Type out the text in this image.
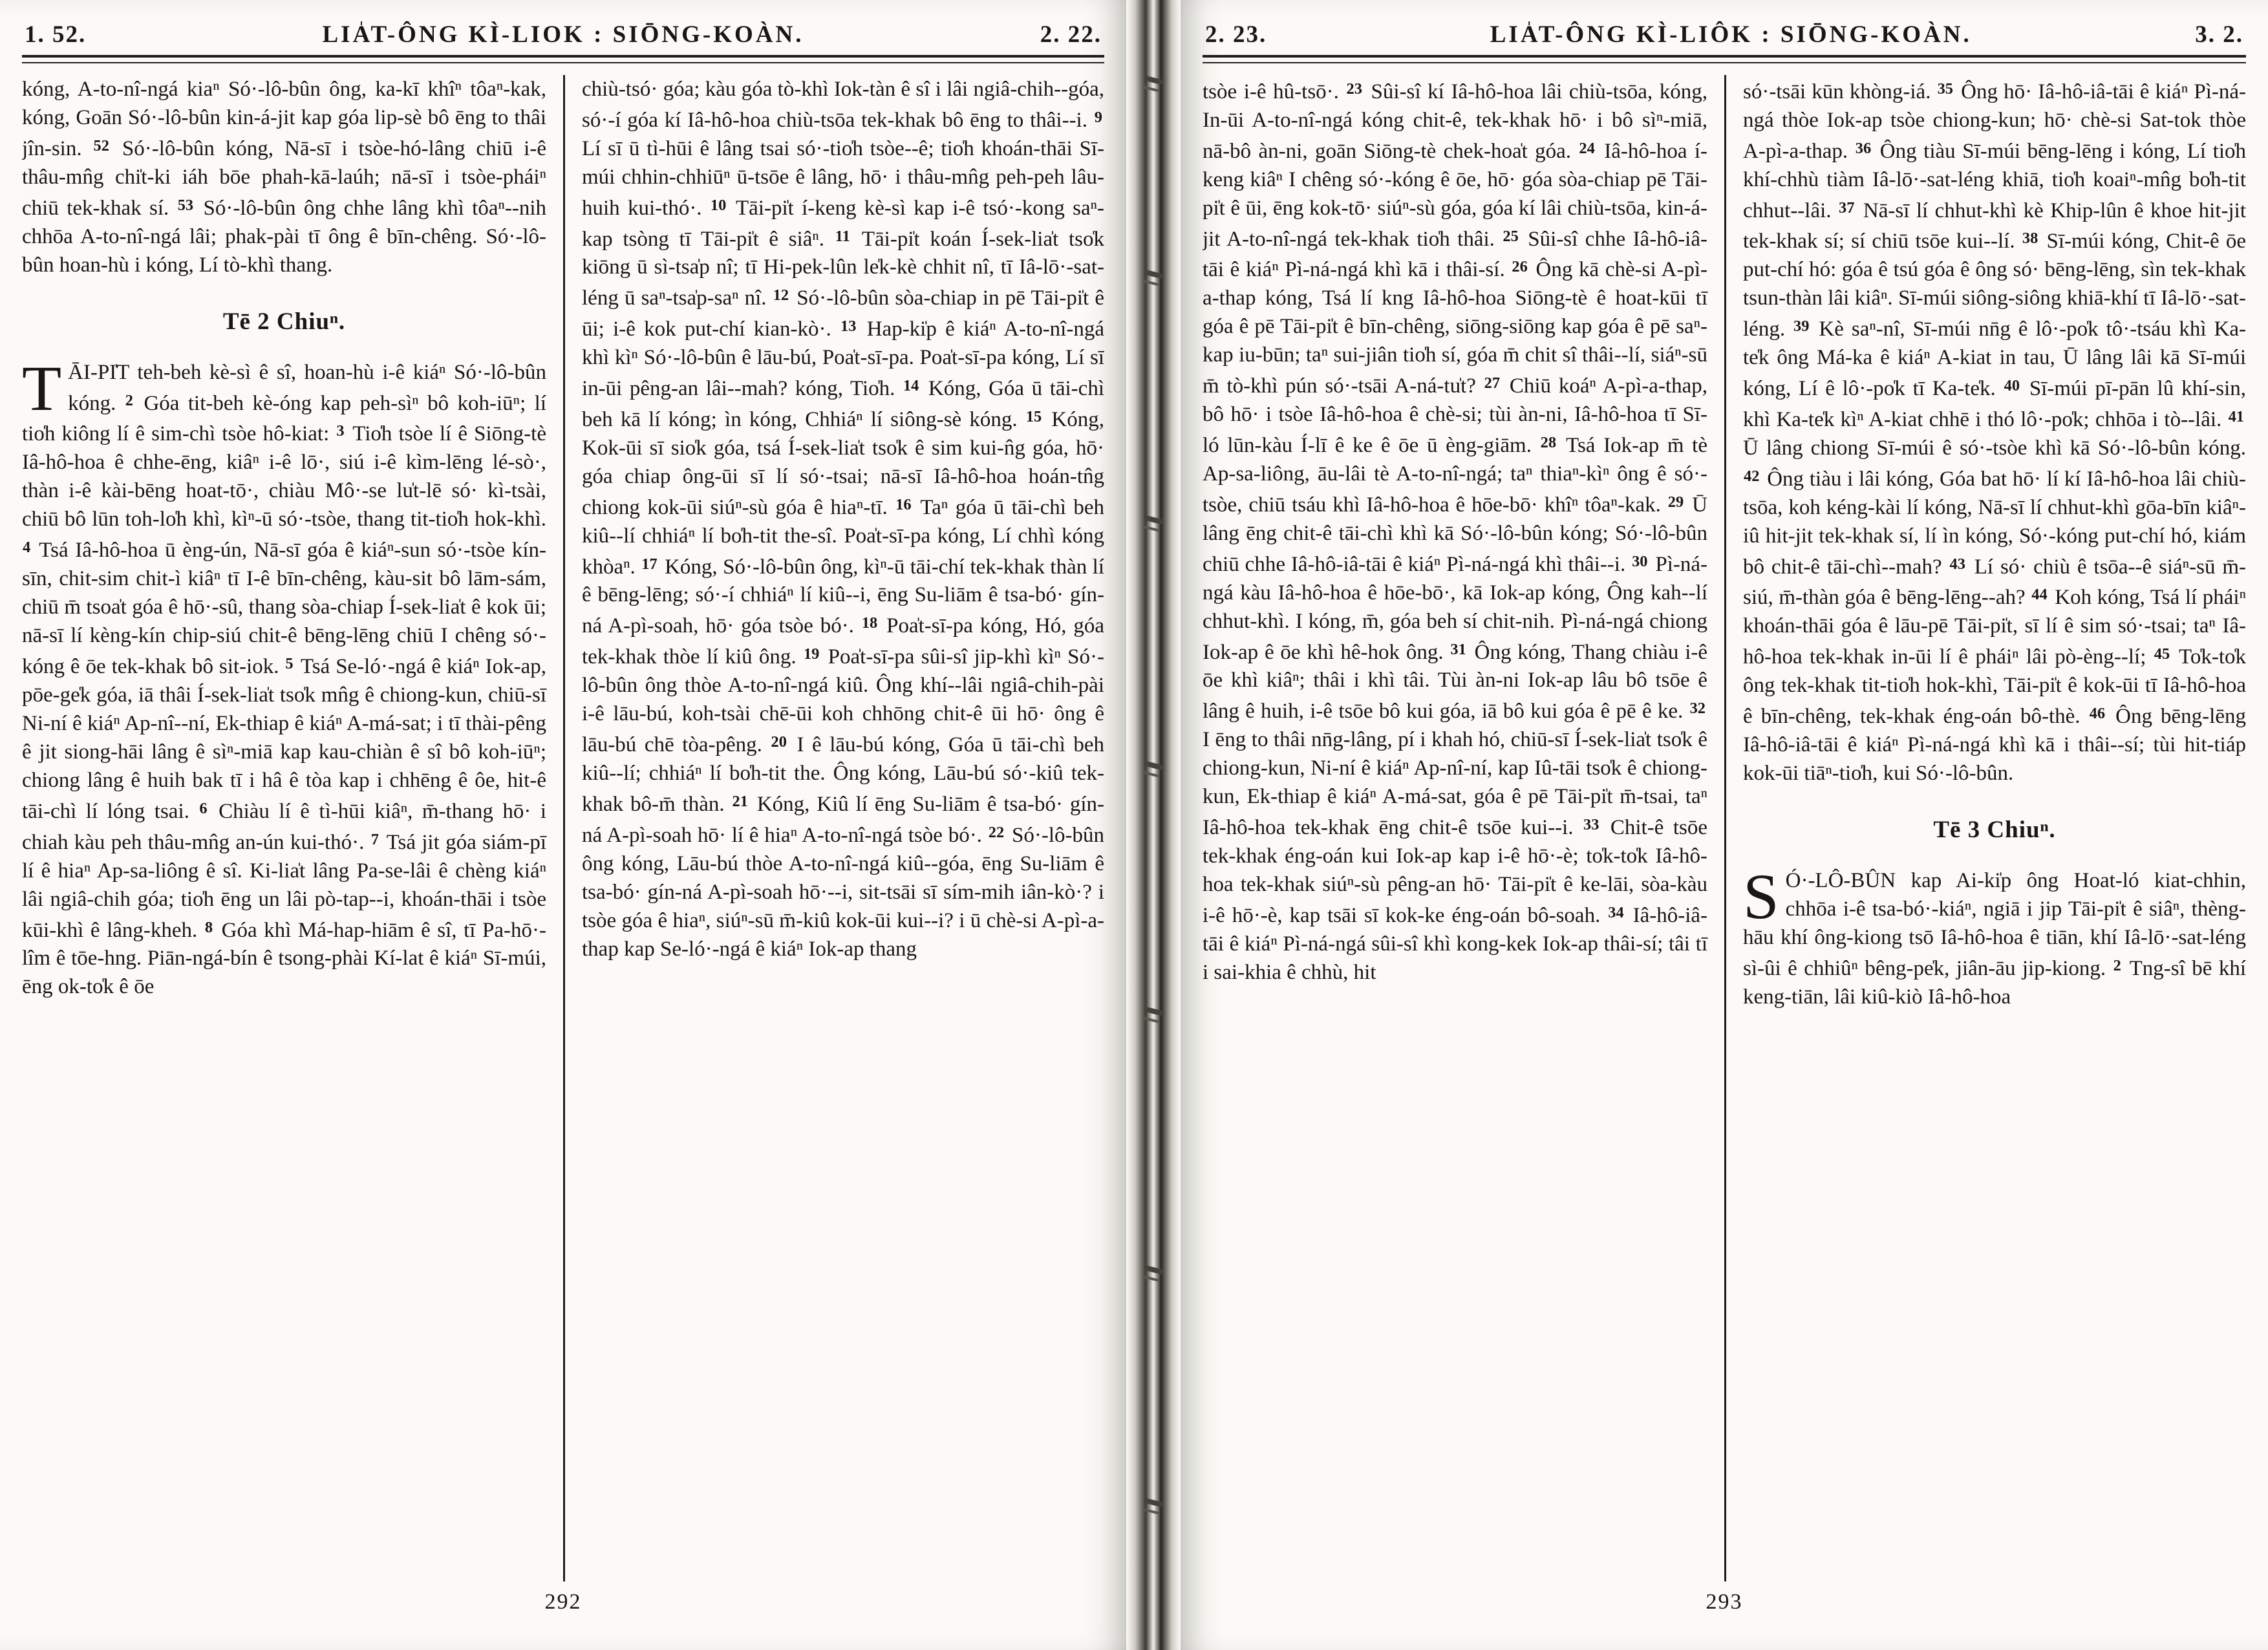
1. 52.	LIA̍T-ÔNG KÌ-LIOK : SIŌNG-KOÀN.	2. 22.

kóng, A-to-nî-ngá kiaⁿ Só·-lô-bûn ông, ka-kī khîⁿ tôaⁿ-kak, kóng, Goān Só·-lô-bûn kin-á-jit kap góa lip-sè bô ēng to thâi jîn-sin. $^{52}$ Só·-lô-bûn kóng, Nā-sī i tsòe-hó-lâng chiū i-ê thâu-mn̂g chi̍t-ki iáh bōe phah-kā-laúh; nā-sī i tsòe-pháiⁿ chiū tek-khak sí. $^{53}$ Só·-lô-bûn ông chhe lâng khì tôaⁿ--nih chhōa A-to-nî-ngá lâi; phak-pài tī ông ê bīn-chêng. Só·-lô-bûn hoan-hù i kóng, Lí tò-khì thang.

Tē 2 Chiuⁿ.

TĀI-PI̍T teh-beh kè-sì ê sî, hoan-hù i-ê kiáⁿ Só·-lô-bûn kóng. $^2$ Góa tit-beh kè-óng kap peh-sìⁿ bô koh-iūⁿ; lí tio̍h kiông lí ê sim-chì tsòe hô-kiat: $^3$ Tio̍h tsòe lí ê Siōng-tè Iâ-hô-hoa ê chhe-ēng, kiâⁿ i-ê lō·, siú i-ê kìm-lēng lé-sò·, thàn i-ê kài-bēng hoat-tō·, chiàu Mô·-se lu̍t-lē só· kì-tsài, chiū bô lūn toh-lo̍h khì, kìⁿ-ū só·-tsòe, thang tit-tio̍h hok-khì. $^4$ Tsá Iâ-hô-hoa ū èng-ún, Nā-sī góa ê kiáⁿ-sun só·-tsòe kín-sīn, chit-sim chit-ì kiâⁿ tī I-ê bīn-chêng, kàu-sit bô lām-sám, chiū m̄ tsoa̍t góa ê hō·-sû, thang sòa-chiap Í-sek-lia̍t ê kok ūi; nā-sī lí kèng-kín chip-siú chit-ê bēng-lēng chiū I chêng só·-kóng ê ōe tek-khak bô sit-iok. $^5$ Tsá Se-ló·-ngá ê kiáⁿ Iok-ap, pōe-ge̍k góa, iā thâi Í-sek-lia̍t tso̍k mn̂g ê chiong-kun, chiū-sī Ni-ní ê kiáⁿ Ap-nî--ní, Ek-thiap ê kiáⁿ A-má-sat; i tī thài-pêng ê jit siong-hāi lâng ê sìⁿ-miā kap kau-chiàn ê sî bô koh-iūⁿ; chiong lâng ê huih bak tī i hâ ê tòa kap i chhēng ê ôe, hit-ê tāi-chì lí lóng tsai. $^6$ Chiàu lí ê tì-hūi kiâⁿ, m̄-thang hō· i chiah kàu peh thâu-mn̂g an-ún kui-thó·. $^7$ Tsá jit góa siám-pī lí ê hiaⁿ Ap-sa-liông ê sî. Ki-lia̍t lâng Pa-se-lâi ê chèng kiáⁿ lâi ngiâ-chih góa; tio̍h ēng un lâi pò-tap--i, khoán-thāi i tsòe kūi-khì ê lâng-kheh. $^8$ Góa khì Má-hap-hiām ê sî, tī Pa-hō·-lîm ê tōe-hng. Piān-ngá-bín ê tsong-phài Kí-lat ê kiáⁿ Sī-múi, ēng ok-to̍k ê ōe

chiù-tsó· góa; kàu góa tò-khì Iok-tàn ê sî i lâi ngiâ-chih--góa, só·-í góa kí Iâ-hô-hoa chiù-tsōa tek-khak bô ēng to thâi--i. $^9$ Lí sī ū tì-hūi ê lâng tsai só·-tio̍h tsòe--ê; tio̍h khoán-thāi Sī-múi chhin-chhiūⁿ ū-tsōe ê lâng, hō· i thâu-mn̂g peh-peh lâu-huih kui-thó·. $^{10}$ Tāi-pi̍t í-keng kè-sì kap i-ê tsó·-kong saⁿ-kap tsòng tī Tāi-pi̍t ê siâⁿ. $^{11}$ Tāi-pi̍t koán Í-sek-lia̍t tso̍k kiōng ū sì-tsa̍p nî; tī Hi-pek-lûn le̍k-kè chhit nî, tī Iâ-lō·-sat-léng ū saⁿ-tsa̍p-saⁿ nî. $^{12}$ Só·-lô-bûn sòa-chiap in pē Tāi-pi̍t ê ūi; i-ê kok put-chí kian-kò·. $^{13}$ Hap-ki̍p ê kiáⁿ A-to-nî-ngá khì kìⁿ Só·-lô-bûn ê lāu-bú, Poa̍t-sī-pa. Poa̍t-sī-pa kóng, Lí sī in-ūi pêng-an lâi--mah? kóng, Tio̍h. $^{14}$ Kóng, Góa ū tāi-chì beh kā lí kóng; ìn kóng, Chhiáⁿ lí siông-sè kóng. $^{15}$ Kóng, Kok-ūi sī sio̍k góa, tsá Í-sek-lia̍t tso̍k ê sim kui-n̂g góa, hō· góa chiap ông-ūi sī lí só·-tsai; nā-sī Iâ-hô-hoa hoán-tn̂g chiong kok-ūi siúⁿ-sù góa ê hiaⁿ-tī. $^{16}$ Taⁿ góa ū tāi-chì beh kiû--lí chhiáⁿ lí bo̍h-tit the-sî. Poa̍t-sī-pa kóng, Lí chhì kóng khòaⁿ. $^{17}$ Kóng, Só·-lô-bûn ông, kìⁿ-ū tāi-chí tek-khak thàn lí ê bēng-lēng; só·-í chhiáⁿ lí kiû--i, ēng Su-liām ê tsa-bó· gín-ná A-pì-soah, hō· góa tsòe bó·. $^{18}$ Poa̍t-sī-pa kóng, Hó, góa tek-khak thòe lí kiû ông. $^{19}$ Poa̍t-sī-pa sûi-sî jip-khì kìⁿ Só·-lô-bûn ông thòe A-to-nî-ngá kiû. Ông khí--lâi ngiâ-chih-pài i-ê lāu-bú, koh-tsài chē-ūi koh chhōng chit-ê ūi hō· ông ê lāu-bú chē tòa-pêng. $^{20}$ I ê lāu-bú kóng, Góa ū tāi-chì beh kiû--lí; chhiáⁿ lí bo̍h-tit the. Ông kóng, Lāu-bú só·-kiû tek-khak bô-m̄ thàn. $^{21}$ Kóng, Kiû lí ēng Su-liām ê tsa-bó· gín-ná A-pì-soah hō· lí ê hiaⁿ A-to-nî-ngá tsòe bó·. $^{22}$ Só·-lô-bûn ông kóng, Lāu-bú thòe A-to-nî-ngá kiû--góa, ēng Su-liām ê tsa-bó· gín-ná A-pì-soah hō·--i, sit-tsāi sī sím-mih iân-kò·? i tsòe góa ê hiaⁿ, siúⁿ-sū m̄-kiû kok-ūi kui--i? i ū chè-si A-pì-a-thap kap Se-ló·-ngá ê kiáⁿ Iok-ap thang

292
2. 23.	LIA̍T-ÔNG KÌ-LIÔK : SIŌNG-KOÀN.	3. 2.

tsòe i-ê hû-tsō·. $^{23}$ Sûi-sî kí Iâ-hô-hoa lâi chiù-tsōa, kóng, In-ūi A-to-nî-ngá kóng chit-ê, tek-khak hō· i bô sìⁿ-miā, nā-bô àn-ni, goān Siōng-tè chek-hoa̍t góa. $^{24}$ Iâ-hô-hoa í-keng kiâⁿ I chêng só·-kóng ê ōe, hō· góa sòa-chiap pē Tāi-pi̍t ê ūi, ēng kok-tō· siúⁿ-sù góa, góa kí lâi chiù-tsōa, kin-á-jit A-to-nî-ngá tek-khak tio̍h thâi. $^{25}$ Sûi-sî chhe Iâ-hô-iâ-tāi ê kiáⁿ Pì-ná-ngá khì kā i thâi-sí. $^{26}$ Ông kā chè-si A-pì-a-thap kóng, Tsá lí kng Iâ-hô-hoa Siōng-tè ê hoat-kūi tī góa ê pē Tāi-pi̍t ê bīn-chêng, siōng-siōng kap góa ê pē saⁿ-kap iu-būn; taⁿ sui-jiân tio̍h sí, góa m̄ chit sî thâi--lí, siáⁿ-sū m̄ tò-khì pún só·-tsāi A-ná-tu̍t? $^{27}$ Chiū koáⁿ A-pì-a-thap, bô hō· i tsòe Iâ-hô-hoa ê chè-si; tùi àn-ni, Iâ-hô-hoa tī Sī-ló lūn-kàu Í-lī ê ke ê ōe ū èng-giām. $^{28}$ Tsá Iok-ap m̄ tè Ap-sa-liông, āu-lâi tè A-to-nî-ngá; taⁿ thiaⁿ-kìⁿ ông ê só·-tsòe, chiū tsáu khì Iâ-hô-hoa ê hōe-bō· khîⁿ tôaⁿ-kak. $^{29}$ Ū lâng ēng chit-ê tāi-chì khì kā Só·-lô-bûn kóng; Só·-lô-bûn chiū chhe Iâ-hô-iâ-tāi ê kiáⁿ Pì-ná-ngá khì thâi--i. $^{30}$ Pì-ná-ngá kàu Iâ-hô-hoa ê hōe-bō·, kā Iok-ap kóng, Ông kah--lí chhut-khì. I kóng, m̄, góa beh sí chit-nih. Pì-ná-ngá chiong Iok-ap ê ōe khì hê-hok ông. $^{31}$ Ông kóng, Thang chiàu i-ê ōe khì kiâⁿ; thâi i khì tâi. Tùi àn-ni Iok-ap lâu bô tsōe ê lâng ê huih, i-ê tsōe bô kui góa, iā bô kui góa ê pē ê ke. $^{32}$ I ēng to thâi nn̄g-lâng, pí i khah hó, chiū-sī Í-sek-lia̍t tso̍k ê chiong-kun, Ni-ní ê kiáⁿ Ap-nî-ní, kap Iû-tāi tso̍k ê chiong-kun, Ek-thiap ê kiáⁿ A-má-sat, góa ê pē Tāi-pi̍t m̄-tsai, taⁿ Iâ-hô-hoa tek-khak ēng chit-ê tsōe kui--i. $^{33}$ Chit-ê tsōe tek-khak éng-oán kui Iok-ap kap i-ê hō·-è; to̍k-to̍k Iâ-hô-hoa tek-khak siúⁿ-sù pêng-an hō· Tāi-pi̍t ê ke-lāi, sòa-kàu i-ê hō·-è, kap tsāi sī kok-ke éng-oán bô-soah. $^{34}$ Iâ-hô-iâ-tāi ê kiáⁿ Pì-ná-ngá sûi-sî khì kong-kek Iok-ap thâi-sí; tâi tī i sai-khia ê chhù, hit

só·-tsāi kūn khòng-iá. $^{35}$ Ông hō· Iâ-hô-iâ-tāi ê kiáⁿ Pì-ná-ngá thòe Iok-ap tsòe chiong-kun; hō· chè-si Sat-tok thòe A-pì-a-thap. $^{36}$ Ông tiàu Sī-múi bēng-lēng i kóng, Lí tio̍h khí-chhù tiàm Iâ-lō·-sat-léng khiā, tio̍h koaiⁿ-mn̂g bo̍h-tit chhut--lâi. $^{37}$ Nā-sī lí chhut-khì kè Khip-lûn ê khoe hit-jit tek-khak sí; sí chiū tsōe kui--lí. $^{38}$ Sī-múi kóng, Chit-ê ōe put-chí hó: góa ê tsú góa ê ông só· bēng-lēng, sìn tek-khak tsun-thàn lâi kiâⁿ. Sī-múi siông-siông khiā-khí tī Iâ-lō·-sat-léng. $^{39}$ Kè saⁿ-nî, Sī-múi nn̄g ê lô·-po̍k tô·-tsáu khì Ka-te̍k ông Má-ka ê kiáⁿ A-kiat in tau, Ū lâng lâi kā Sī-múi kóng, Lí ê lô·-po̍k tī Ka-te̍k. $^{40}$ Sī-múi pī-pān lû khí-sin, khì Ka-te̍k kìⁿ A-kiat chhē i thó lô·-po̍k; chhōa i tò--lâi. $^{41}$ Ū lâng chiong Sī-múi ê só·-tsòe khì kā Só·-lô-bûn kóng. $^{42}$ Ông tiàu i lâi kóng, Góa bat hō· lí kí Iâ-hô-hoa lâi chiù-tsōa, koh kéng-kài lí kóng, Nā-sī lí chhut-khì gōa-bīn kiâⁿ-iû hit-jit tek-khak sí, lí ìn kóng, Só·-kóng put-chí hó, kiám bô chit-ê tāi-chì--mah? $^{43}$ Lí só· chiù ê tsōa--ê siáⁿ-sū m̄-siú, m̄-thàn góa ê bēng-lēng--ah? $^{44}$ Koh kóng, Tsá lí pháiⁿ khoán-thāi góa ê lāu-pē Tāi-pi̍t, sī lí ê sim só·-tsai; taⁿ Iâ-hô-hoa tek-khak in-ūi lí ê pháiⁿ lâi pò-èng--lí; $^{45}$ To̍k-to̍k ông tek-khak tit-tio̍h hok-khì, Tāi-pi̍t ê kok-ūi tī Iâ-hô-hoa ê bīn-chêng, tek-khak éng-oán bô-thè. $^{46}$ Ông bēng-lēng Iâ-hô-iâ-tāi ê kiáⁿ Pì-ná-ngá khì kā i thâi--sí; tùi hit-tiáp kok-ūi tiāⁿ-tio̍h, kui Só·-lô-bûn.

Tē 3 Chiuⁿ.

S Ó·-LÔ-BÛN kap Ai-ki̍p ông Hoat-ló kiat-chhin, chhōa i-ê tsa-bó·-kiáⁿ, ngiā i jip Tāi-pi̍t ê siâⁿ, thèng-hāu khí ông-kiong tsō Iâ-hô-hoa ê tiān, khí Iâ-lō·-sat-léng sì-ûi ê chhiûⁿ bêng-pe̍k, jiân-āu jip-kiong. $^2$ Tng-sî bē khí keng-tiān, lâi kiû-kiò Iâ-hô-hoa

293
